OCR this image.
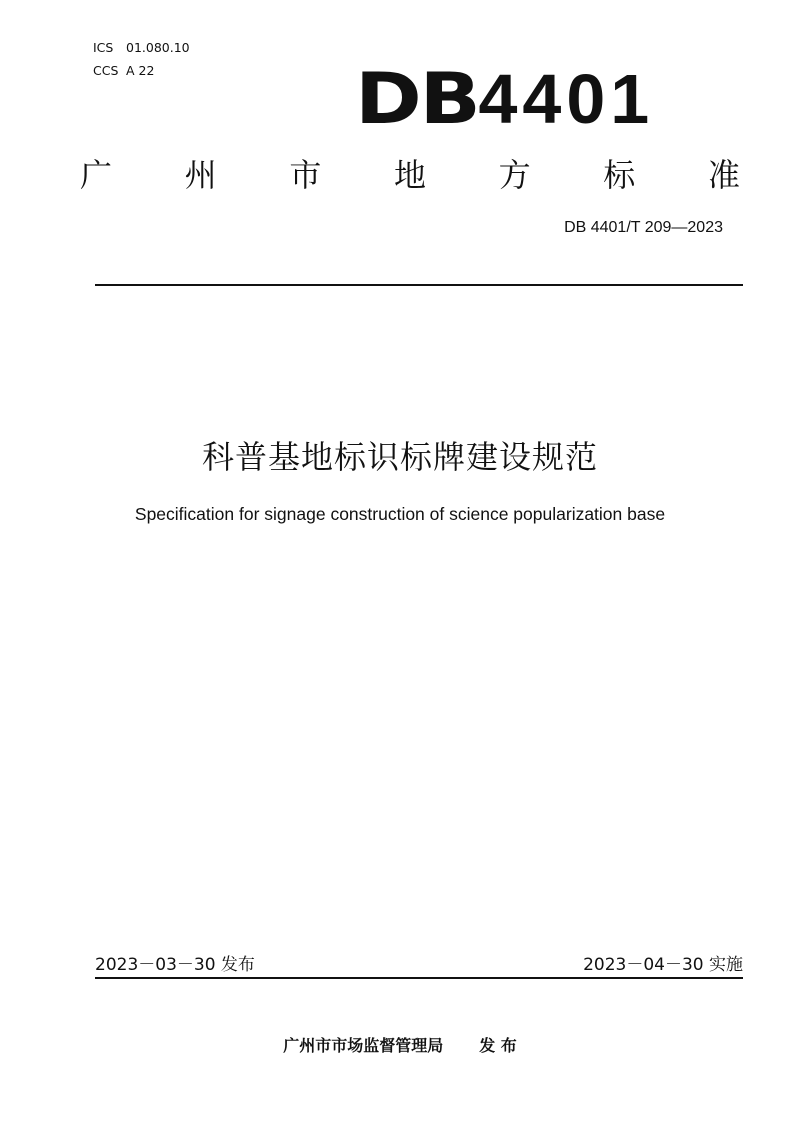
ICS 01.080.10
CCS A 22	DB4401
广 州 市 地 方 标 准
DB 4401/T 209—2023
科普基地标识标牌建设规范
Specification for signage construction of science popularization base
2023－03－30 发布	2023－04－30 实施
广州市市场监督管理局 发 布
